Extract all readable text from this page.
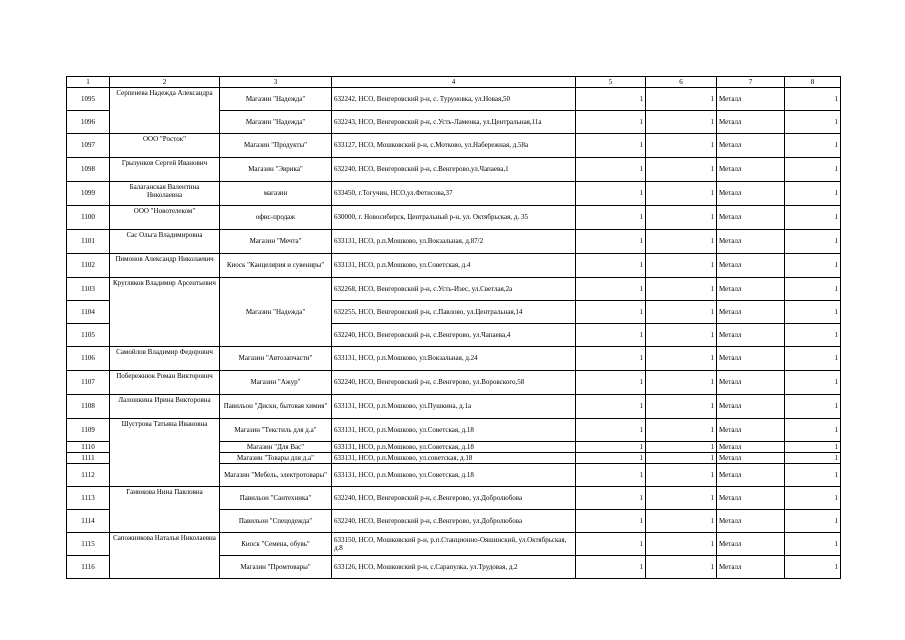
1	2	3	4	5	6	7	8
1095	Серпенева Надежда Александра	Магазин "Надежда"	632242, НСО, Венгеровский р-н, с. Туруновка, ул.Новая,50	1	1	Металл	1
1096		Магазин "Надежда"	632243, НСО, Венгеровский р-н, с.Усть-Ламенка, ул.Центральная,11а	1	1	Металл	1
1097	ООО "Росток"	Магазин "Продукты"	633127, НСО, Мошковский р-н, с.Мотково, ул.Набережная, д.58а	1	1	Металл	1
1098	Грызунков Сергей Иванович	Магазин "Эврика"	632240, НСО, Венгеровский р-н, с.Венгерово,ул.Чапаева,1	1	1	Металл	1
1099	Балаганская Валентина Николаевна	магазин	633450, г.Тогучин, НСО,ул.Фетисова,37	1	1	Металл	1
1100	ООО "Новотелеком"	офис-продаж	630000, г. Новосибирск, Центральный р-н, ул. Октябрьская, д. 35	1	1	Металл	1
1101	Сас Ольга Владимировна	Магазин "Мечта"	633131, НСО, р.п.Мошково, ул.Вокзальная, д.87/2	1	1	Металл	1
1102	Пимонов Александр Николаевич	Киоск "Канцелярия и сувениры"	633131, НСО, р.п.Мошково, ул.Советская, д.4	1	1	Металл	1
1103	Кругляков Владимир Арсентьевич	Магазин "Надежда"	632268, НСО, Венгеровский р-н, с.Усть-Изес, ул.Светлая,2а	1	1	Металл	1
1104			632255, НСО, Венгеровский р-н, с.Павлово, ул.Центральная,14	1	1	Металл	1
1105			632240, НСО, Венгеровский р-н, с.Венгерово, ул.Чапаева,4	1	1	Металл	1
1106	Самойлов Владимир Федорович	Магазин "Автозапчасти"	633131, НСО, р.п.Мошково, ул.Вокзальная, д.24	1	1	Металл	1
1107	Побережнюк Роман Викторович	Магазин "Ажур"	632240, НСО, Венгеровский р-н, с.Венгерово, ул.Воровского,58	1	1	Металл	1
1108	Лалошкина Ирина Викторовна	Павильон "Диски, бытовая химия"	633131, НСО, р.п.Мошково, ул.Пушкина, д.1а	1	1	Металл	1
1109	Шустрова Татьяна Ивановна	Магазин "Текстиль для д.а"	633131, НСО, р.п.Мошково, ул.Советская, д.18	1	1	Металл	1
1110		Магазин "Для Вас"	633131, НСО, р.п.Мошково, ул.Советская, д.18	1	1	Металл	1
1111		Магазин "Товары для д.а"	633131, НСО, р.п.Мошково, ул.советская, д.18	1	1	Металл	1
1112		Магазин "Мебель, электротовары"	633131, НСО, р.п.Мошково, ул.Советская, д.18	1	1	Металл	1
1113	Ганюкова Нина Павловна	Павильон "Сантехника"	632240, НСО, Венгеровский р-н, с.Венгерово, ул.Добролюбова	1	1	Металл	1
1114		Павильон "Спецодежда"	632240, НСО, Венгеровский р-н, с.Венгерово, ул.Добролюбова	1	1	Металл	1
1115	Сапожникова Наталья Николаевна	Киоск "Семена, обувь"	633150, НСО, Мошковский р-н, р.п.Станционно-Ояшинский, ул.Октябрьская, д.8	1	1	Металл	1
1116		Магазин "Промтовары"	633126, НСО, Мошковский р-н, с.Сарапулка, ул.Трудовая, д.2	1	1	Металл	1
